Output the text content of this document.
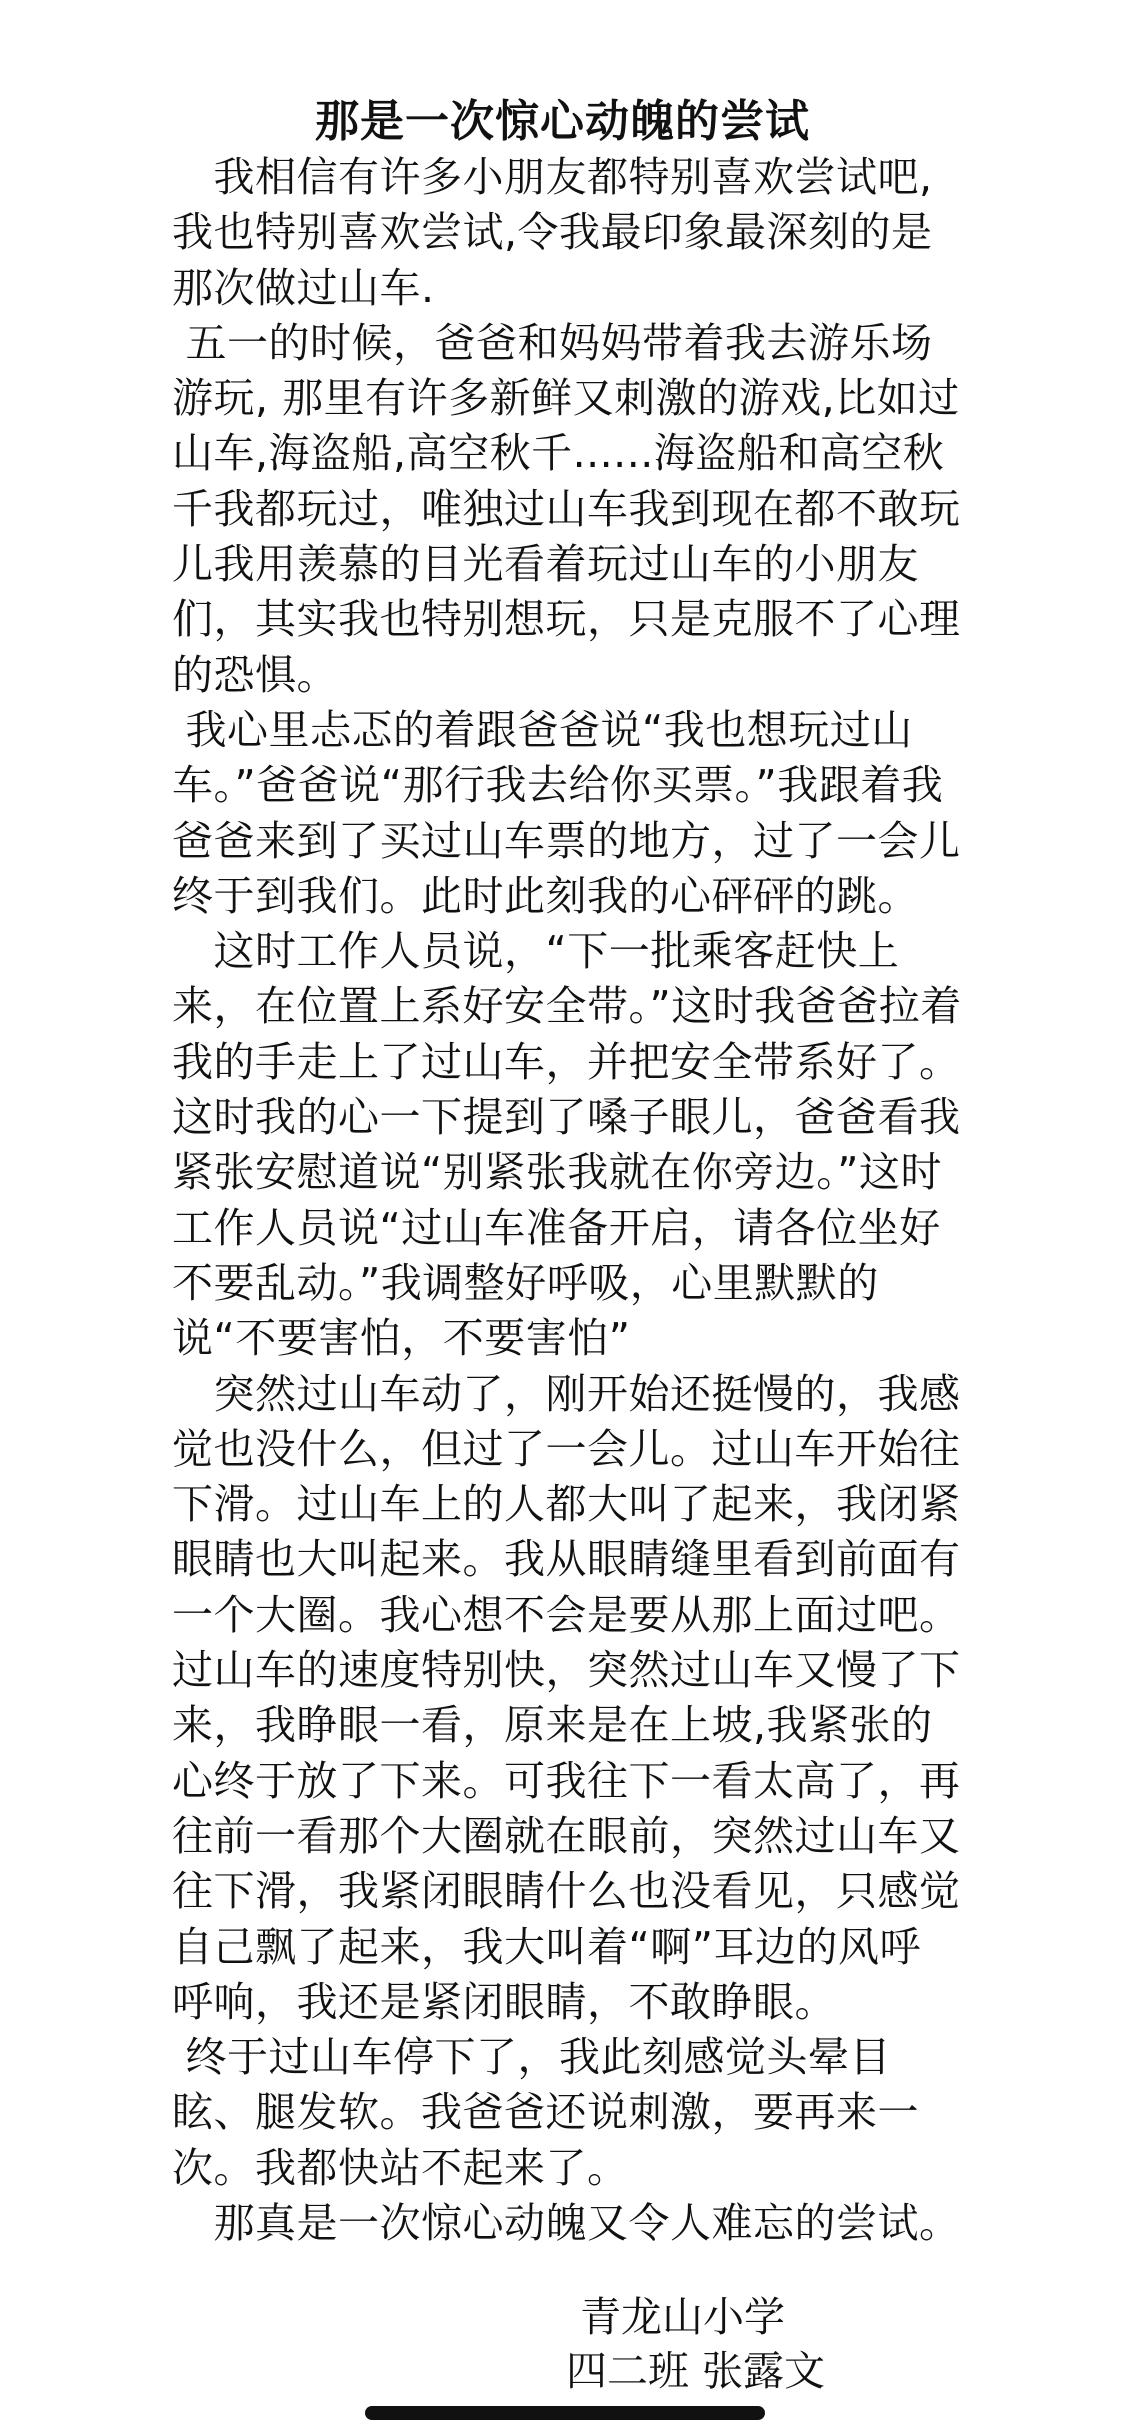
那是一次惊心动魄的尝试

　我相信有许多小朋友都特别喜欢尝试吧,我也特别喜欢尝试,令我最印象最深刻的是那次做过山车.

五一的时候，爸爸和妈妈带着我去游乐场游玩, 那里有许多新鲜又刺激的游戏,比如过山车,海盗船,高空秋千......海盗船和高空秋千我都玩过，唯独过山车我到现在都不敢玩儿我用羡慕的目光看着玩过山车的小朋友们，其实我也特别想玩，只是克服不了心理的恐惧。

我心里忐忑的着跟爸爸说“我也想玩过山车。”爸爸说“那行我去给你买票。”我跟着我爸爸来到了买过山车票的地方，过了一会儿终于到我们。此时此刻我的心砰砰的跳。

　这时工作人员说，“下一批乘客赶快上来，在位置上系好安全带。”这时我爸爸拉着我的手走上了过山车，并把安全带系好了。这时我的心一下提到了嗓子眼儿，爸爸看我紧张安慰道说“别紧张我就在你旁边。”这时工作人员说“过山车准备开启，请各位坐好不要乱动。”我调整好呼吸，心里默默的说“不要害怕，不要害怕”

　突然过山车动了，刚开始还挺慢的，我感觉也没什么，但过了一会儿。过山车开始往下滑。过山车上的人都大叫了起来，我闭紧眼睛也大叫起来。我从眼睛缝里看到前面有一个大圈。我心想不会是要从那上面过吧。过山车的速度特别快，突然过山车又慢了下来，我睁眼一看，原来是在上坡,我紧张的心终于放了下来。可我往下一看太高了，再往前一看那个大圈就在眼前，突然过山车又往下滑，我紧闭眼睛什么也没看见，只感觉自己飘了起来，我大叫着“啊”耳边的风呼呼响，我还是紧闭眼睛，不敢睁眼。

终于过山车停下了，我此刻感觉头晕目眩、腿发软。我爸爸还说刺激，要再来一次。我都快站不起来了。

　那真是一次惊心动魄又令人难忘的尝试。

青龙山小学
四二班 张露文
